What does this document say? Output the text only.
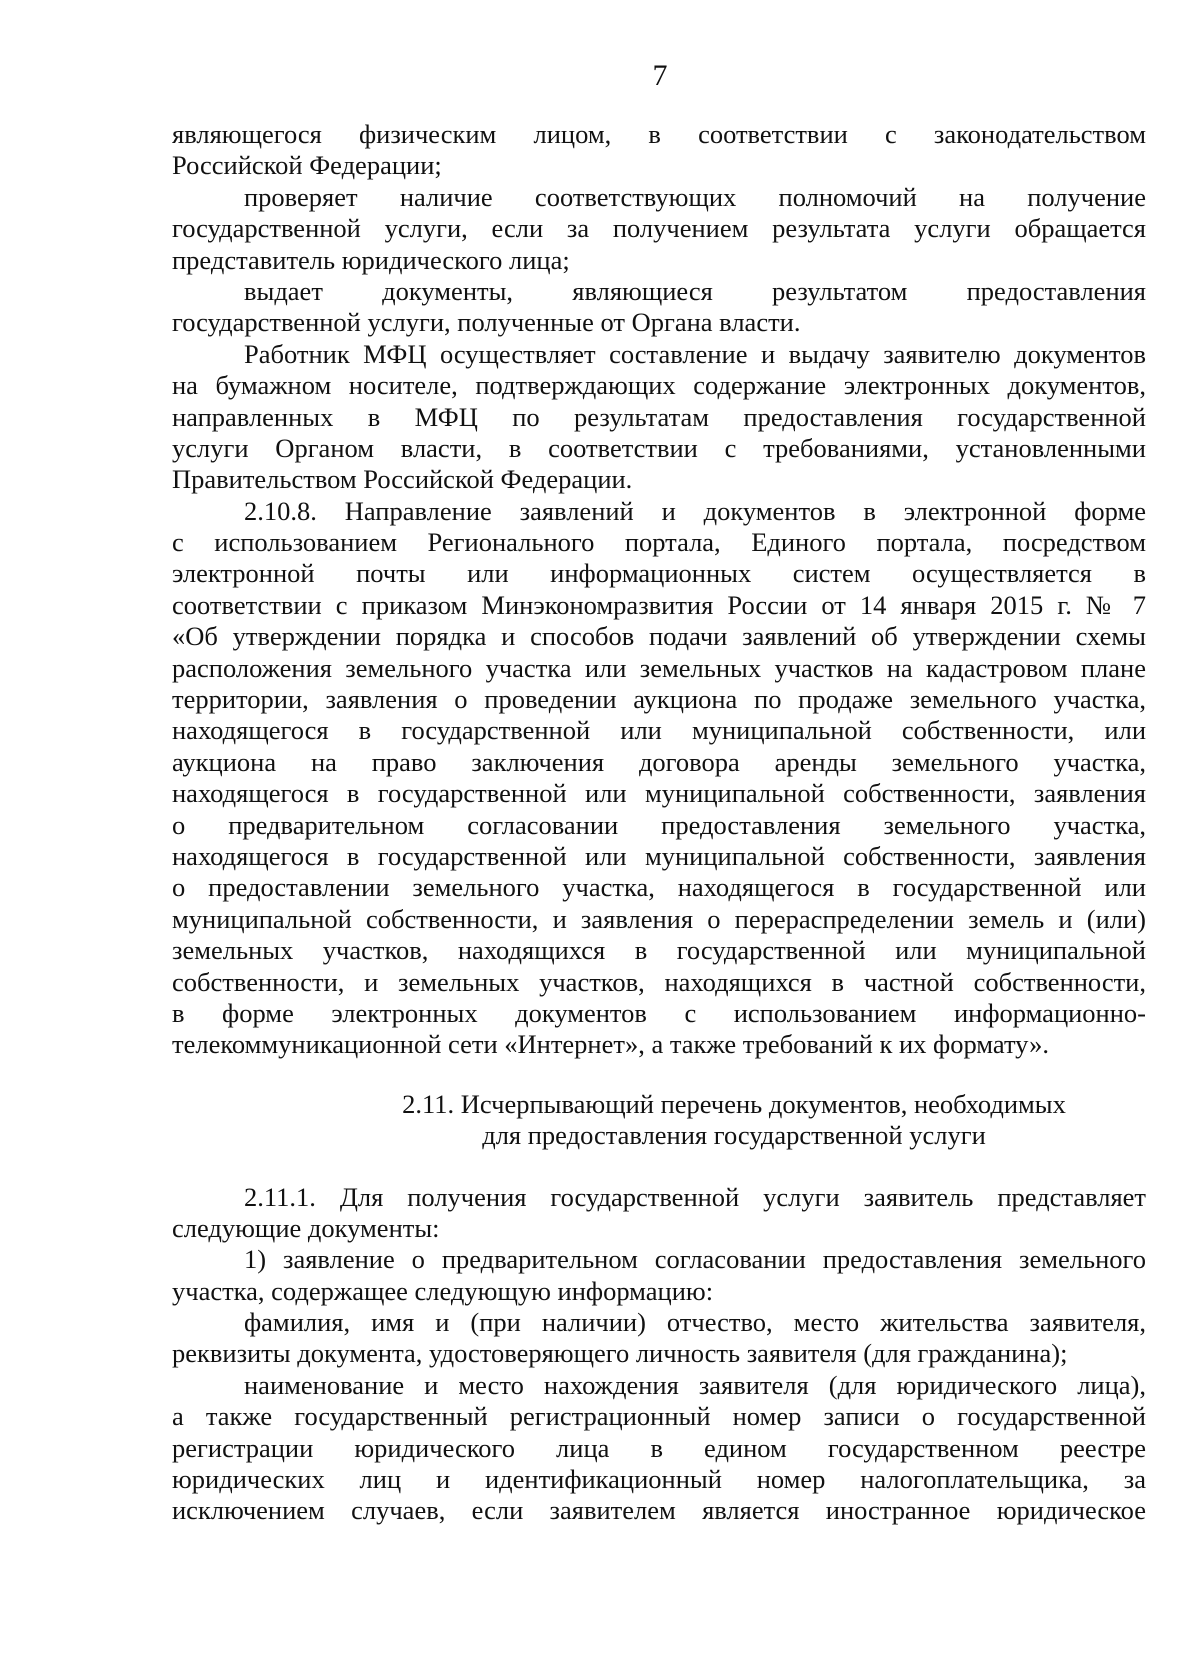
7
являющегося физическим лицом, в соответствии с законодательством
Российской Федерации;
проверяет наличие соответствующих полномочий на получение
государственной услуги, если за получением результата услуги обращается
представитель юридического лица;
выдает документы, являющиеся результатом предоставления
государственной услуги, полученные от Органа власти.
Работник МФЦ осуществляет составление и выдачу заявителю документов
на бумажном носителе, подтверждающих содержание электронных документов,
направленных в МФЦ по результатам предоставления государственной
услуги Органом власти, в соответствии с требованиями, установленными
Правительством Российской Федерации.
2.10.8. Направление заявлений и документов в электронной форме
с использованием Регионального портала, Единого портала, посредством
электронной почты или информационных систем осуществляется в
соответствии с приказом Минэкономразвития России от 14 января 2015 г. № 7
«Об утверждении порядка и способов подачи заявлений об утверждении схемы
расположения земельного участка или земельных участков на кадастровом плане
территории, заявления о проведении аукциона по продаже земельного участка,
находящегося в государственной или муниципальной собственности, или
аукциона на право заключения договора аренды земельного участка,
находящегося в государственной или муниципальной собственности, заявления
о предварительном согласовании предоставления земельного участка,
находящегося в государственной или муниципальной собственности, заявления
о предоставлении земельного участка, находящегося в государственной или
муниципальной собственности, и заявления о перераспределении земель и (или)
земельных участков, находящихся в государственной или муниципальной
собственности, и земельных участков, находящихся в частной собственности,
в форме электронных документов с использованием информационно-
телекоммуникационной сети «Интернет», а также требований к их формату».
2.11. Исчерпывающий перечень документов, необходимых
для предоставления государственной услуги
2.11.1. Для получения государственной услуги заявитель представляет
следующие документы:
1) заявление о предварительном согласовании предоставления земельного
участка, содержащее следующую информацию:
фамилия, имя и (при наличии) отчество, место жительства заявителя,
реквизиты документа, удостоверяющего личность заявителя (для гражданина);
наименование и место нахождения заявителя (для юридического лица),
а также государственный регистрационный номер записи о государственной
регистрации юридического лица в едином государственном реестре
юридических лиц и идентификационный номер налогоплательщика, за
исключением случаев, если заявителем является иностранное юридическое
